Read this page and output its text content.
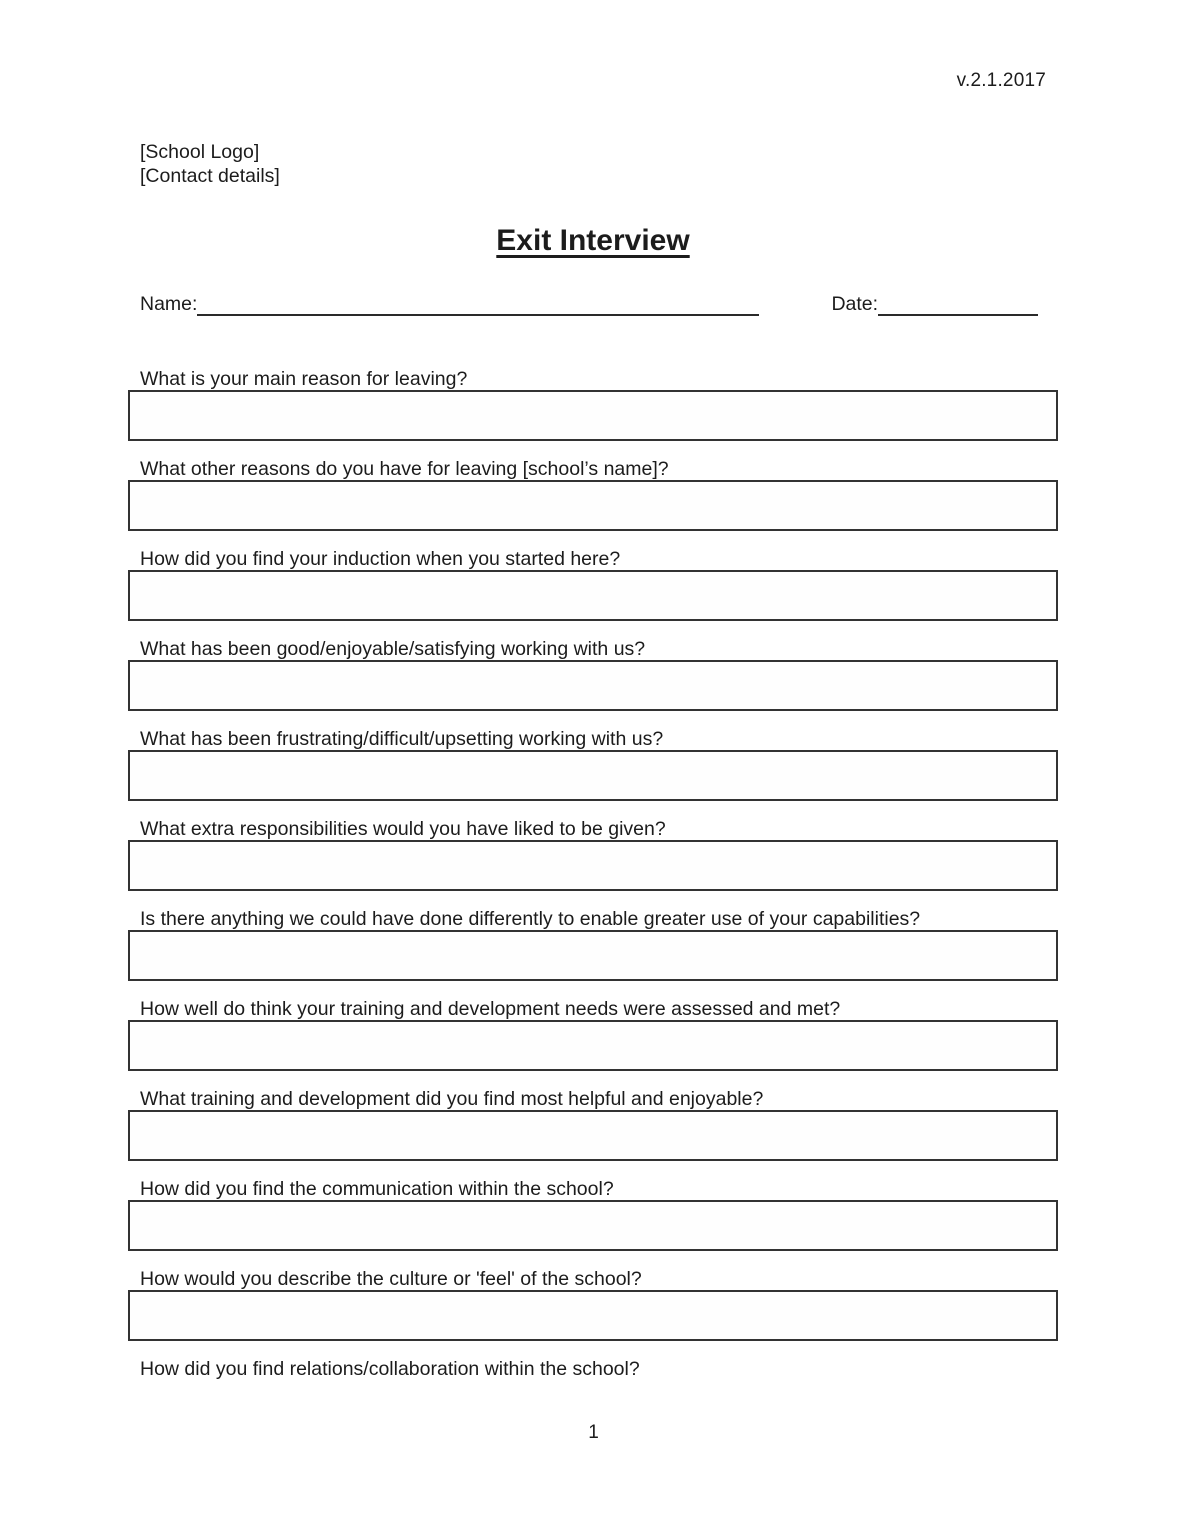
v.2.1.2017
[School Logo]
[Contact details]
Exit Interview
Name:	Date:
What is your main reason for leaving?
What other reasons do you have for leaving [school’s name]?
How did you find your induction when you started here?
What has been good/enjoyable/satisfying working with us?
What has been frustrating/difficult/upsetting working with us?
What extra responsibilities would you have liked to be given?
Is there anything we could have done differently to enable greater use of your capabilities?
How well do think your training and development needs were assessed and met?
What training and development did you find most helpful and enjoyable?
How did you find the communication within the school?
How would you describe the culture or 'feel' of the school?
How did you find relations/collaboration within the school?
1
